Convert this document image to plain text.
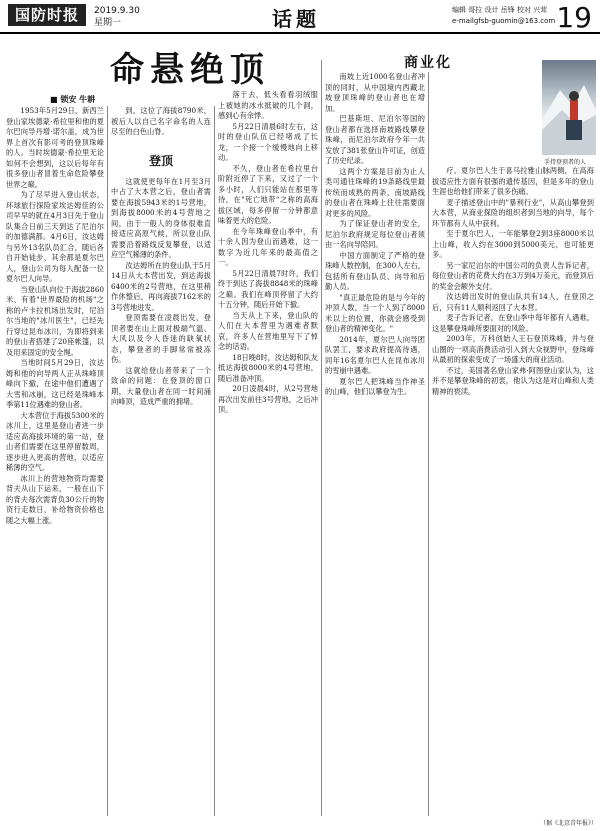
国防时报	2019.9.30
星期一	话题	编辑 哥拉 设计 岳锋 校对 兴茸
e-mailgfsb-guomin@163.com 19
命悬绝顶
■ 锁安 牛耕

1953年5月29日，新西兰登山家埃德蒙·希拉里和他的夏尔巴向导丹增·诺尔盖，成为世界上首次有影可考的登顶珠峰的人。当时埃德蒙·希拉里无论如何不会想到，这以后每年有很多登山者冒着生命危险攀登世界之巅。

为了尽早进入登山状态，环球旅行探险家埃达姆佳的公司早早的就在4月3日先于登山队集合日前三天到达了尼泊尔的加德满都。4月6日，汝达姆与另外13名队员汇合，随后各自开始徒步，其余都是夏尔巴人，登山公司为每人配备一位夏尔巴人向导。

当登山队向位于海拔2860米、有着"世界最险的机场"之称的卢卡拉机场出发时，尼泊尔当地的"冰川医生"，已经先行穿过昆布冰川，为即将到来的登山者搭建了20座帐篷，以及用来固定的安全绳。

当地时间5月29日，汝达姆和他的向导两人正从珠峰顶峰向下撤，在途中他们遭遇了大雪和冰崩，这已经是珠峰本季第11位遇难的登山者。

大本营位于海拔5300米的冰川上，这里是登山者进一步适应高海拔环境的第一站，登山者们需要在这里停留数周，逐步进入更高的营地，以适应稀薄的空气。

冰川上的营地物资均需要背夫从山下运来，一般在山下的背夫每次需背负30公斤的物资行走数日，补给物资价格也随之大幅上涨。

到，这位了海拔8790米，被后人以自己名字命名的人连尽至的白色山脊。

登顶

这就使更每年在1月至3月中占了大本营之后，登山者需要在海拔5943米的1号营地，到海拔8000米的4号营地之间，由于一般人的身体很难直接适应高原气候，所以登山队需要沿着路线反复攀登，以适应空气稀薄的条件。

汝达姆所在的登山队于5月14日从大本营出发，到达海拔6400米的2号营地，在这里稍作休整后，再向海拔7162米的3号营地进发。

登顶需要在凌晨出发，登顶者要在山上面对极端气温、大风以及令人昏迷的缺氧状态，攀登者的手脚常常被冻伤。

这就给登山者带来了一个致命的问题：在登顶的窗口期，大量登山者在同一时间涌向峰顶，造成严重的拥堵。

落于去，低头看看羽绒服上被她的冰水抵破的几个洞，感到心有余悸。

5月22日清晨6时左右，这时的登山队伍已经堵成了长龙，一个接一个缓慢地向上移动。

不久，登山者在希拉里台阶附近停了下来，又过了一个多小时，人们只能站在那里等待，在"死亡地带"之称的高海拔区域，每多停留一分钟都意味着更大的危险。

在今年珠峰登山季中，有十余人因为登山而遇难，这一数字为近几年来的最高值之一。

5月22日清晨7时许，我们终于到达了海拔8848米的珠峰之巅。我们在峰顶停留了大约十五分钟，随后开始下撤。

当天从上下来，登山队的人们在大本营里为遇难者默哀，许多人在营地里写下了悼念的话语。

18日晚8时，汝达姆和队友抵达海拔8000米的4号营地，随后准备冲顶。

20日凌晨4时，从2号营地再次出发前往3号营地，之后冲顶。

商业化

南坡上近1000名登山者冲顶的同时，从中国境内西藏北坡登顶珠峰的登山者也在增加。

巴基斯坦、尼泊尔等国的登山者都在选择南坡路线攀登珠峰，而尼泊尔政府今年一共发放了381张登山许可证，创造了历史纪录。

这两个方案是目前为止人类可通往珠峰的19条路线里最传统而成熟的两条，南坡路线的登山者在珠峰上往往需要面对更多的风险。

为了保证登山者的安全，尼泊尔政府规定每位登山者须由一名向导陪同。

中国方面制定了严格的登珠峰人数控制，在300人左右，包括所有登山队员、向导和后勤人员。

"真正最危险的是与今年的冲顶人数，当一个人到了8000米以上的位置，你就会感受到登山者的精神变化。"

2014年，夏尔巴人向导团队罢工，要求政府提高待遇，同年16名夏尔巴人在昆布冰川的雪崩中遇难。

夏尔巴人把珠峰当作神圣的山峰，他们以攀登为生。

手持登顶者的人

疗。夏尔巴人生于喜马拉雅山脉两侧，在高海拔适应性方面有很强的遗传基因，但是多年的登山生涯也给他们带来了很多伤痛。

麦子描述登山中的"暴利行业"，从高山攀登到大本营，从商业探险的组织者到当地的向导，每个环节都有人从中获利。

至于夏尔巴人，一年能攀登2到3座8000米以上山峰，收入约在3000到5000美元，也可能更多。

另一家尼泊尔的中国公司的负责人告诉记者，每位登山者的花费大约在3万到4万美元，而登顶后的奖金会额外支付。

汝达姆出发时的登山队共有14人，在登顶之后，只有11人顺利返回了大本营。

麦子告诉记者，在登山季中每年都有人遇难，这是攀登珠峰所要面对的风险。

2003年，万科创始人王石登顶珠峰，并与登山圈的一项高消费活动引入到大众视野中，登珠峰从最初的探索变成了一场盛大的商业活动。

不过，美国著名登山家弗·阿图登山家认为，这并不是攀登珠峰的初衷，他认为这是对山峰和人类精神的亵渎。

（据《北京青年报》）
